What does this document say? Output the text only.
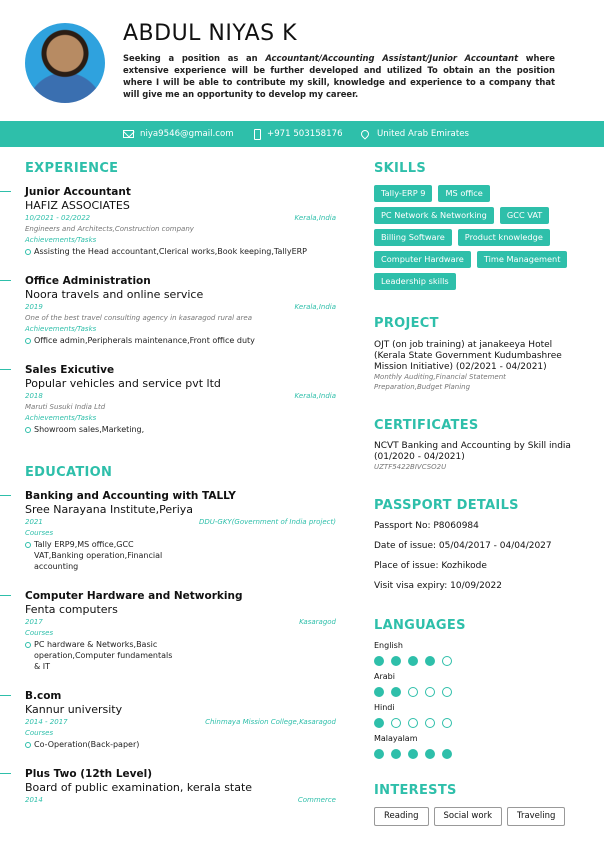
ABDUL NIYAS K
Seeking a position as an Accountant/Accounting Assistant/Junior Accountant where extensive experience will be further developed and utilized To obtain an the position where I will be able to contribute my skill, knowledge and experience to a company that will give me an opportunity to develop my career.
niya9546@gmail.com	+971 503158176	United Arab Emirates
EXPERIENCE
Junior Accountant
HAFIZ ASSOCIATES
10/2021 - 02/2022	Kerala,India
Engineers and Architects,Construction company
Achievements/Tasks
Assisting the Head accountant,Clerical works,Book keeping,TallyERP
Office Administration
Noora travels and online service
2019	Kerala,India
One of the best travel consulting agency in kasaragod rural area
Achievements/Tasks
Office admin,Peripherals maintenance,Front office duty
Sales Exicutive
Popular vehicles and service pvt ltd
2018	Kerala,India
Maruti Susuki India Ltd
Achievements/Tasks
Showroom sales,Marketing,
EDUCATION
Banking and Accounting with TALLY
Sree Narayana Institute,Periya
2021	DDU-GKY(Government of India project)
Courses
Tally ERP9,MS office,GCC VAT,Banking operation,Financial accounting
Computer Hardware and Networking
Fenta computers
2017	Kasaragod
Courses
PC hardware & Networks,Basic operation,Computer fundamentals & IT
B.com
Kannur university
2014 - 2017	Chinmaya Mission College,Kasaragod
Courses
Co-Operation(Back-paper)
Plus Two (12th Level)
Board of public examination, kerala state
2014	Commerce
SKILLS
Tally-ERP 9	MS office
PC Network & Networking	GCC VAT
Billing Software	Product knowledge
Computer Hardware	Time Management
Leadership skills
PROJECT
OJT (on job training) at janakeeya Hotel (Kerala State Government Kudumbashree Mission Initiative) (02/2021 - 04/2021)
Monthly Auditing,Financial Statement Preparation,Budget Planing
CERTIFICATES
NCVT Banking and Accounting by Skill india (01/2020 - 04/2021)
UZTF5422BIVCSO2U
PASSPORT DETAILS
Passport No: P8060984
Date of issue: 05/04/2017 - 04/04/2027
Place of issue: Kozhikode
Visit visa expiry: 10/09/2022
LANGUAGES
English
Arabi
Hindi
Malayalam
INTERESTS
Reading	Social work	Traveling
